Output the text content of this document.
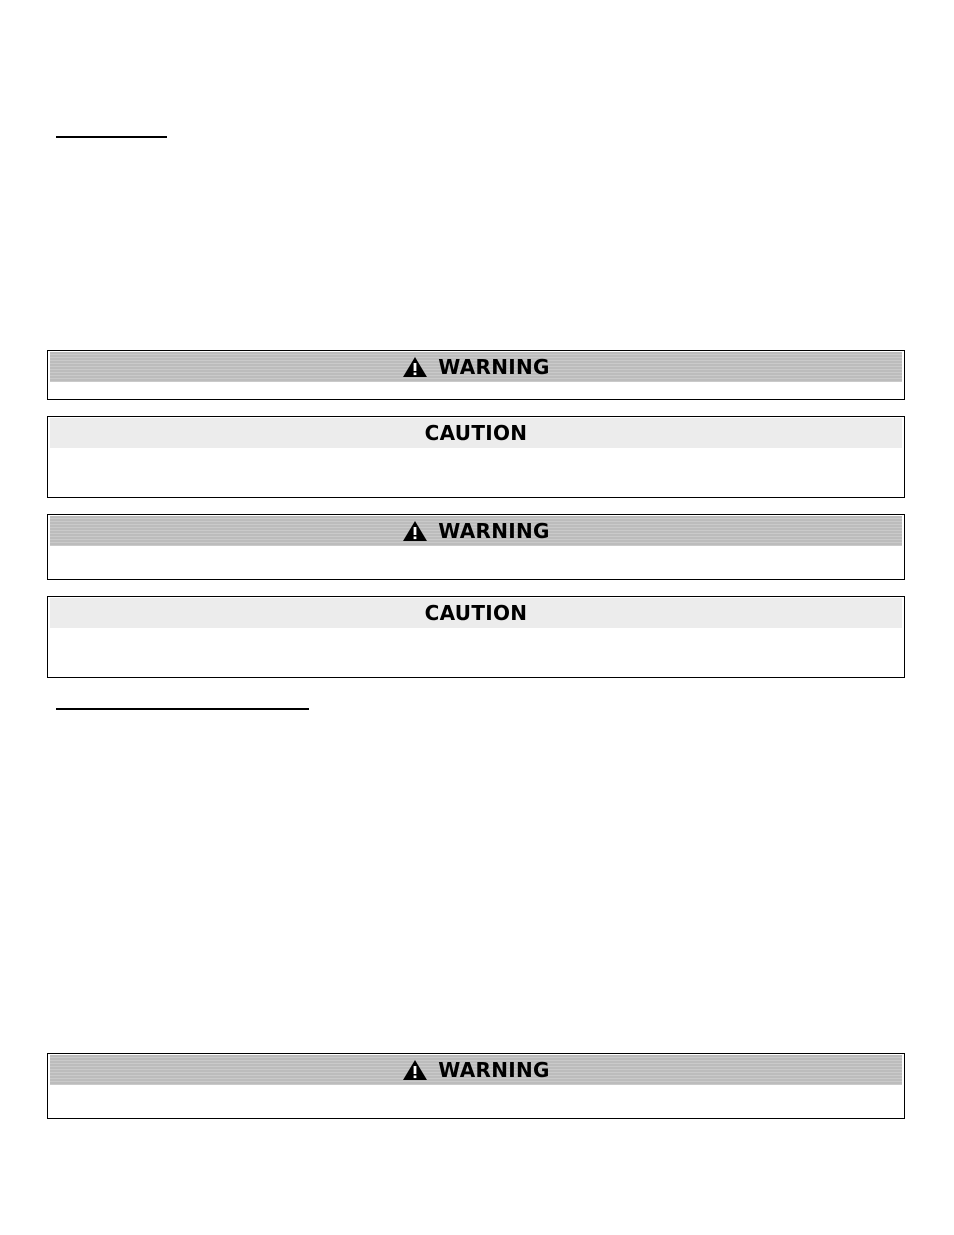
WARNING
CAUTION
WARNING
CAUTION
WARNING
